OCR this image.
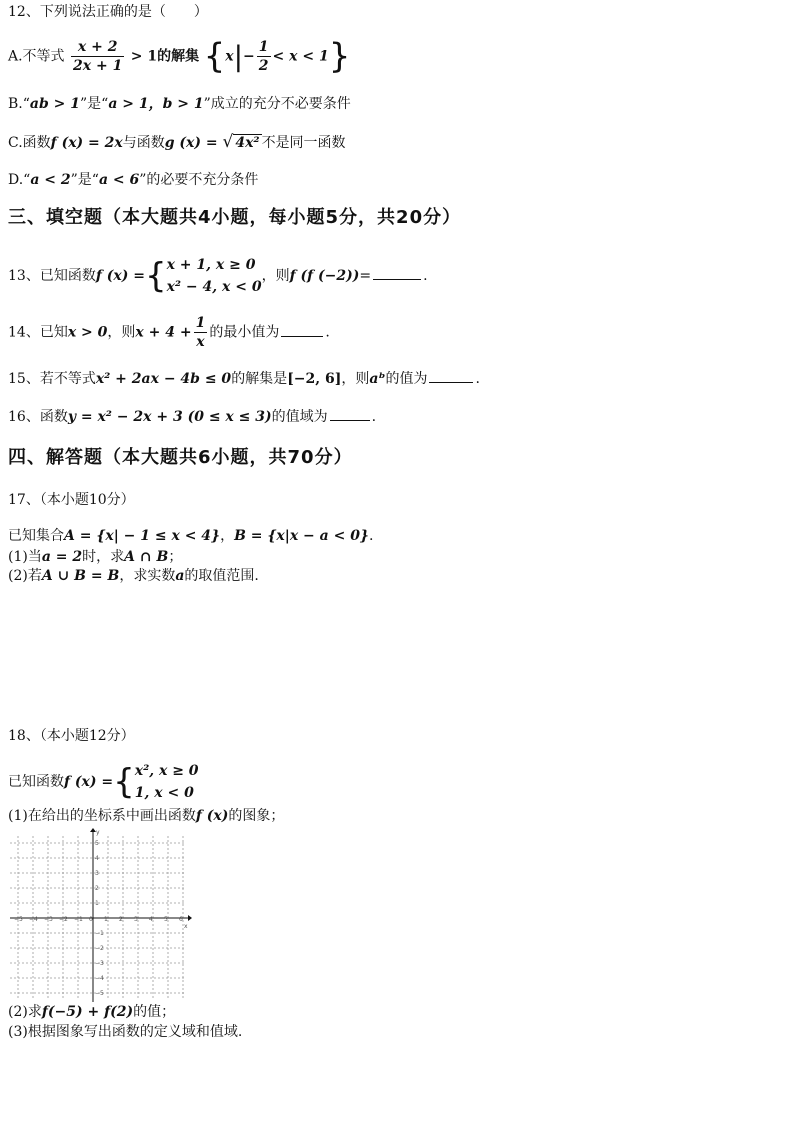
12、下列说法正确的是（　　）
A.不等式 $\frac{x + 2}{2x + 1} > 1$的解集 $\{x|- \frac{1}{2} < x < 1\}$
B.“ab > 1”是“a > 1，b > 1”成立的充分不必要条件
C.函数f (x) = 2x与函数g (x) = √ 4x² 不是同一函数
D.“a < 2”是“a < 6”的必要不充分条件
三、填空题（本大题共4小题，每小题5分，共20分）
13、已知函数f (x) ={ x + 1, x ≥ 0
x² − 4, x < 0
，则f (f (−2))=	.
14、已知x > 0，则$x + 4 + \frac{1}{x}$ 的最小值为	.
15、若不等式x² + 2ax − 4b ≤ 0的解集是[−2, 6]，则aᵇ的值为	.
16、函数y = x² − 2x + 3 (0 ≤ x ≤ 3)的值域为	.
四、解答题（本大题共6小题，共70分）
17、（本小题10分）
已知集合A = {x| − 1 ≤ x < 4}，B = {x|x − a < 0}.
(1)当a = 2时，求A ∩ B；
(2)若A ∪ B = B，求实数a的取值范围.
18、（本小题12分）
已知函数f (x) ={ x², x ≥ 0
1, x < 0
(1)在给出的坐标系中画出函数f (x)的图象；
x
y
−5 −4 −3 −2 −1 0 1 2 3 4 5 6
5
4
3
2
1
−1
−2
−3
−4
−5
(2)求f(−5) + f(2)的值；
(3)根据图象写出函数的定义域和值域.
